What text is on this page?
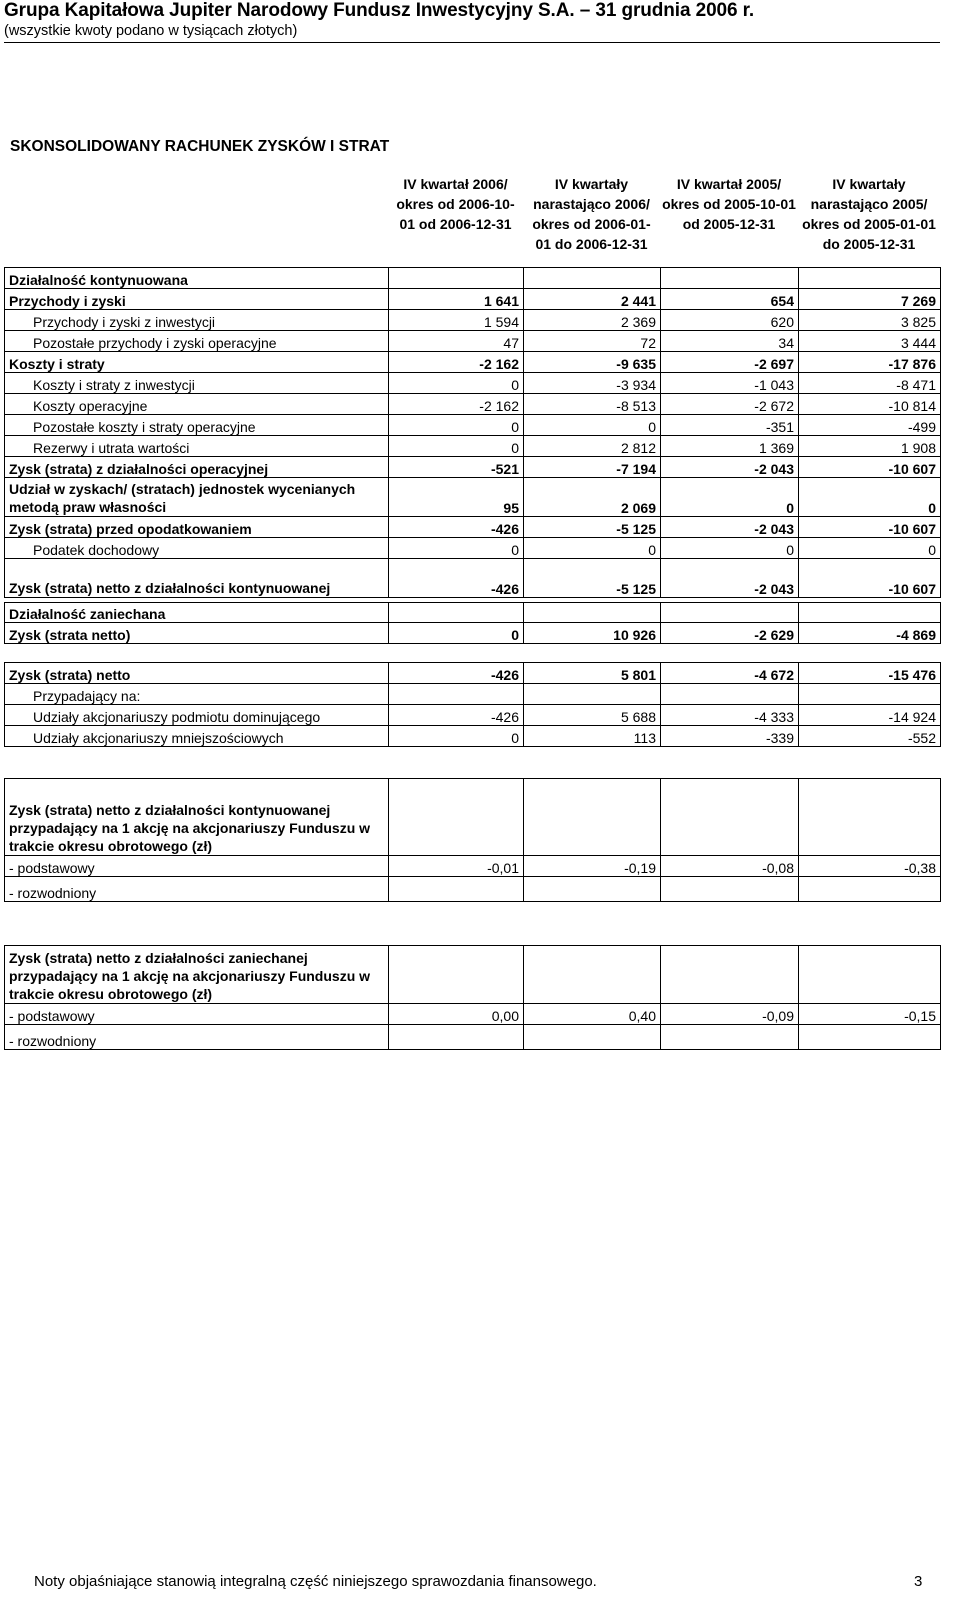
Grupa Kapitałowa Jupiter Narodowy Fundusz Inwestycyjny S.A. – 31 grudnia 2006 r.
(wszystkie kwoty podano w tysiącach złotych)
SKONSOLIDOWANY RACHUNEK ZYSKÓW I STRAT
IV kwartał 2006/ okres od 2006-10-01 od 2006-12-31	IV kwartały narastająco 2006/ okres od 2006-01-01 do 2006-12-31	IV kwartał 2005/ okres od 2005-10-01 od 2005-12-31	IV kwartały narastająco 2005/ okres od 2005-01-01 do 2005-12-31
Działalność kontynuowana				
Przychody i zyski	1 641	2 441	654	7 269
Przychody i zyski z inwestycji	1 594	2 369	620	3 825
Pozostałe przychody i zyski operacyjne	47	72	34	3 444
Koszty i straty	-2 162	-9 635	-2 697	-17 876
Koszty i straty z inwestycji	0	-3 934	-1 043	-8 471
Koszty operacyjne	-2 162	-8 513	-2 672	-10 814
Pozostałe koszty i straty operacyjne	0	0	-351	-499
Rezerwy i utrata wartości	0	2 812	1 369	1 908
Zysk (strata) z działalności operacyjnej	-521	-7 194	-2 043	-10 607
Udział w zyskach/ (stratach) jednostek wycenianych metodą praw własności	95	2 069	0	0
Zysk (strata) przed opodatkowaniem	-426	-5 125	-2 043	-10 607
Podatek dochodowy	0	0	0	0
Zysk (strata) netto z działalności kontynuowanej	-426	-5 125	-2 043	-10 607
Działalność zaniechana				
Zysk (strata netto)	0	10 926	-2 629	-4 869
Zysk (strata) netto	-426	5 801	-4 672	-15 476
Przypadający na:				
Udziały akcjonariuszy podmiotu dominującego	-426	5 688	-4 333	-14 924
Udziały akcjonariuszy mniejszościowych	0	113	-339	-552
Zysk (strata) netto z działalności kontynuowanej przypadający na 1 akcję na akcjonariuszy Funduszu w trakcie okresu obrotowego (zł)				
- podstawowy	-0,01	-0,19	-0,08	-0,38
- rozwodniony				
Zysk (strata) netto z działalności zaniechanej przypadający na 1 akcję na akcjonariuszy Funduszu w trakcie okresu obrotowego (zł)				
- podstawowy	0,00	0,40	-0,09	-0,15
- rozwodniony				
Noty objaśniające stanowią integralną część niniejszego sprawozdania finansowego.	3
